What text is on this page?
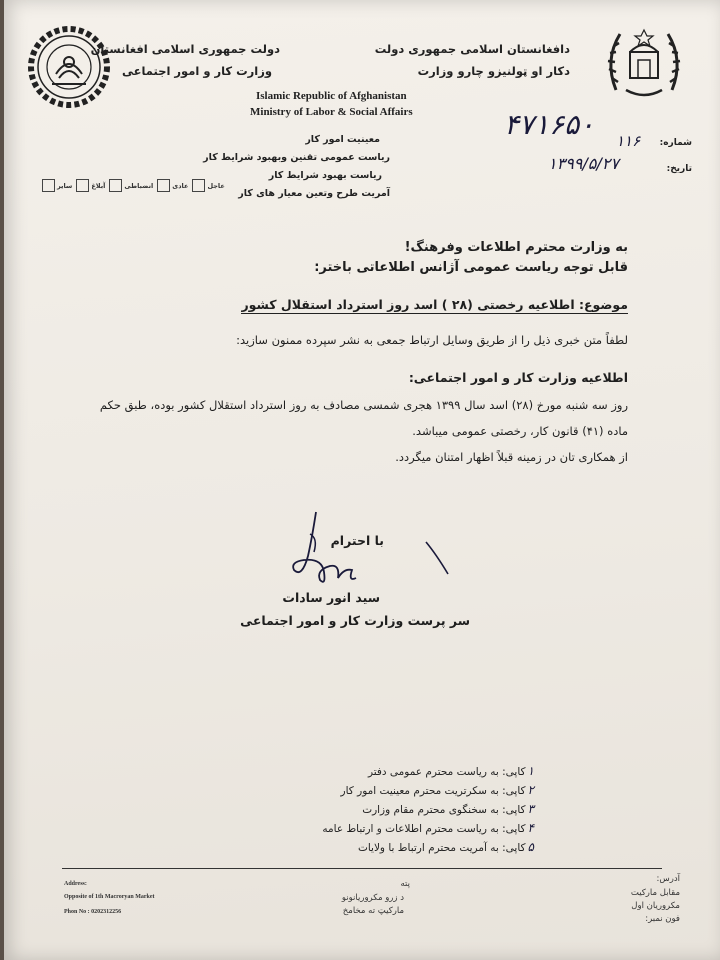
دافغانستان اسلامی جمهوری دولت
دکار او ټولنیزو چارو وزارت
دولت جمهوری اسلامی افغانستان
وزارت کار و امور اجتماعی
Islamic Republic of Afghanistan
Ministry of Labor & Social Affairs
معینیت امور کار
ریاست عمومی تقنین وبهبود شرایط کار
ریاست بهبود شرایط کار
آمریت طرح وتعین معیار های کار
عاجل
عادی
انضباطی
آبلاغ
سایر
شماره:
۴۷۱۶۵۰ ۱۱۶
تاریخ:
۱۳۹۹/۵/۲۷
به وزارت محترم اطلاعات وفرهنگ!
قابل توجه ریاست عمومی آژانس اطلاعاتی باختر:
موضوع: اطلاعیه رخصتی (۲۸ ) اسد روز استرداد استقلال کشور
لطفاً متن خبری ذیل را از طریق وسایل ارتباط جمعی به نشر سپرده ممنون سازید:
اطلاعیه وزارت کار و امور اجتماعی:
روز سه شنبه مورخ (۲۸) اسد سال ۱۳۹۹ هجری شمسی مصادف به روز استرداد استقلال کشور بوده، طبق حکم
ماده (۴۱) قانون کار، رخصتی عمومی میباشد.
از همکاری تان در زمینه قبلاً اظهار امتنان میگردد.
با احترام
سید انور سادات
سر پرست وزارت کار و امور اجتماعی
۱کاپی: به ریاست محترم عمومی دفتر
۲کاپی: به سکرتریت محترم معینیت امور کار
۳کاپی: به سخنگوی محترم مقام وزارت
۴کاپی: به ریاست محترم اطلاعات و ارتباط عامه
۵کاپی: به آمریت محترم ارتباط با ولایات
Address:
Opposite of 1th Macroryan Market
Phon No : 0202312256
پته
د زرو مکروریانونو
مارکیټ ته مخامخ
آدرس:
مقابل مارکیت
مکروریان اول
فون نمبر:
